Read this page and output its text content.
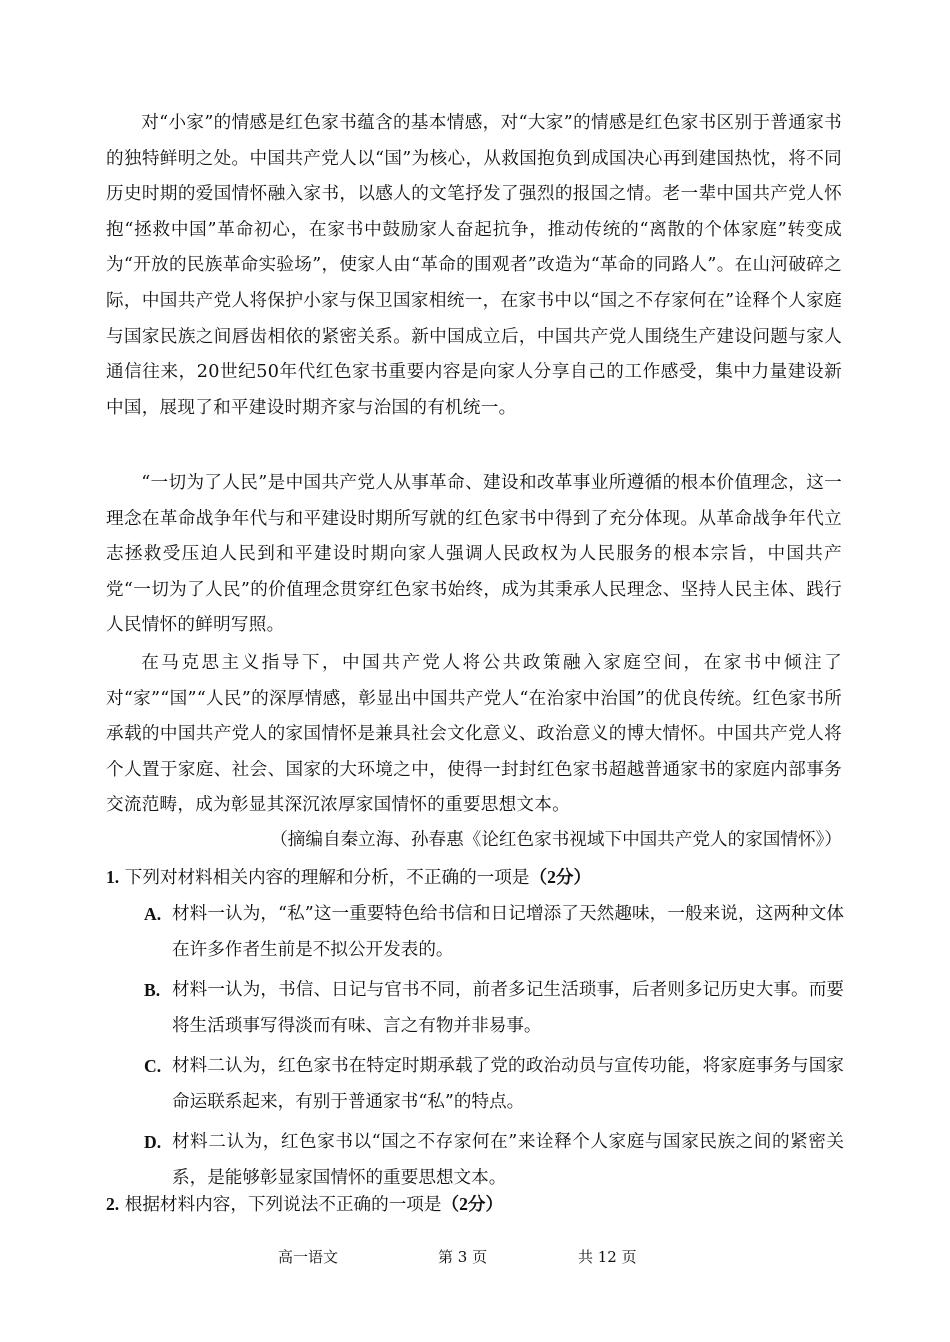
对“小家”的情感是红色家书蕴含的基本情感，对“大家”的情感是红色家书区别于普通家书的独特鲜明之处。中国共产党人以“国”为核心，从救国抱负到成国决心再到建国热忱，将不同历史时期的爱国情怀融入家书，以感人的文笔抒发了强烈的报国之情。老一辈中国共产党人怀抱“拯救中国”革命初心，在家书中鼓励家人奋起抗争，推动传统的“离散的个体家庭”转变成为“开放的民族革命实验场”，使家人由“革命的围观者”改造为“革命的同路人”。在山河破碎之际，中国共产党人将保护小家与保卫国家相统一，在家书中以“国之不存家何在”诠释个人家庭与国家民族之间唇齿相依的紧密关系。新中国成立后，中国共产党人围绕生产建设问题与家人通信往来，20世纪50年代红色家书重要内容是向家人分享自己的工作感受，集中力量建设新中国，展现了和平建设时期齐家与治国的有机统一。

“一切为了人民”是中国共产党人从事革命、建设和改革事业所遵循的根本价值理念，这一理念在革命战争年代与和平建设时期所写就的红色家书中得到了充分体现。从革命战争年代立志拯救受压迫人民到和平建设时期向家人强调人民政权为人民服务的根本宗旨，中国共产党“一切为了人民”的价值理念贯穿红色家书始终，成为其秉承人民理念、坚持人民主体、践行人民情怀的鲜明写照。

在马克思主义指导下，中国共产党人将公共政策融入家庭空间，在家书中倾注了对“家”“国”“人民”的深厚情感，彰显出中国共产党人“在治家中治国”的优良传统。红色家书所承载的中国共产党人的家国情怀是兼具社会文化意义、政治意义的博大情怀。中国共产党人将个人置于家庭、社会、国家的大环境之中，使得一封封红色家书超越普通家书的家庭内部事务交流范畴，成为彰显其深沉浓厚家国情怀的重要思想文本。

（摘编自秦立海、孙春惠《论红色家书视域下中国共产党人的家国情怀》）

1. 下列对材料相关内容的理解和分析，不正确的一项是（2分）

A. 材料一认为，“私”这一重要特色给书信和日记增添了天然趣味，一般来说，这两种文体在许多作者生前是不拟公开发表的。
B. 材料一认为，书信、日记与官书不同，前者多记生活琐事，后者则多记历史大事。而要将生活琐事写得淡而有味、言之有物并非易事。
C. 材料二认为，红色家书在特定时期承载了党的政治动员与宣传功能，将家庭事务与国家命运联系起来，有别于普通家书“私”的特点。
D. 材料二认为，红色家书以“国之不存家何在”来诠释个人家庭与国家民族之间的紧密关系，是能够彰显家国情怀的重要思想文本。

2. 根据材料内容，下列说法不正确的一项是（2分）

高一语文	第 3 页	共 12 页
